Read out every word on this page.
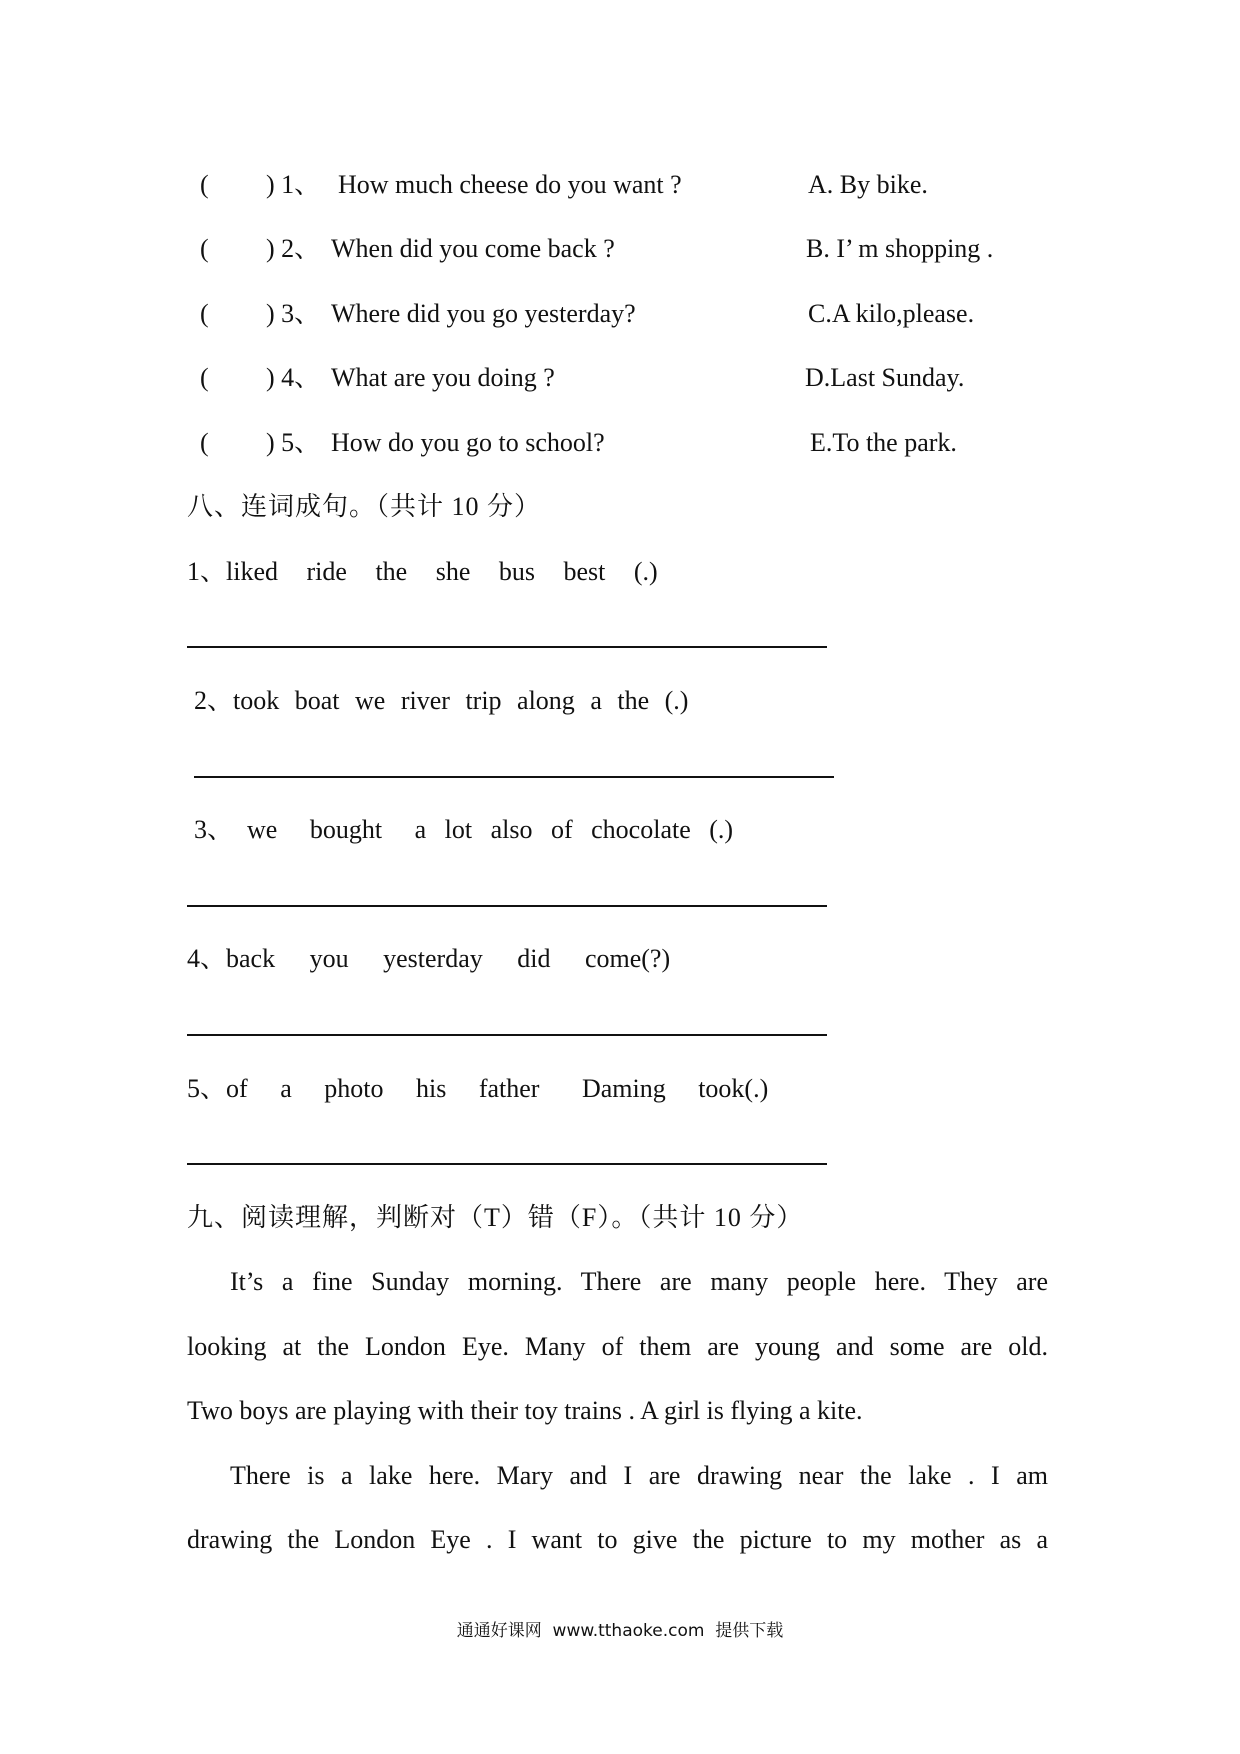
( ) 1、 How much cheese do you want ?	A. By bike.
( ) 2、 When did you come back ?	B. I’ m shopping .
( ) 3、 Where did you go yesterday?	C.A kilo,please.
( ) 4、 What are you doing ?	D.Last Sunday.
( ) 5、 How do you go to school?	E.To the park.
八、连词成句。（共计 10 分）
1、liked ride the she bus best (.)
2、took boat we river trip along a the (.)
3、 we bought a lot also of chocolate (.)
4、back you yesterday did come(?)
5、of a photo his father Daming took(.)
九、阅读理解，判断对（T）错（F）。（共计 10 分）
It’s a fine Sunday morning. There are many people here. They are
looking at the London Eye. Many of them are young and some are old.
Two boys are playing with their toy trains . A girl is flying a kite.
There is a lake here. Mary and I are drawing near the lake . I am
drawing the London Eye . I want to give the picture to my mother as a
通通好课网  www.tthaoke.com  提供下载
